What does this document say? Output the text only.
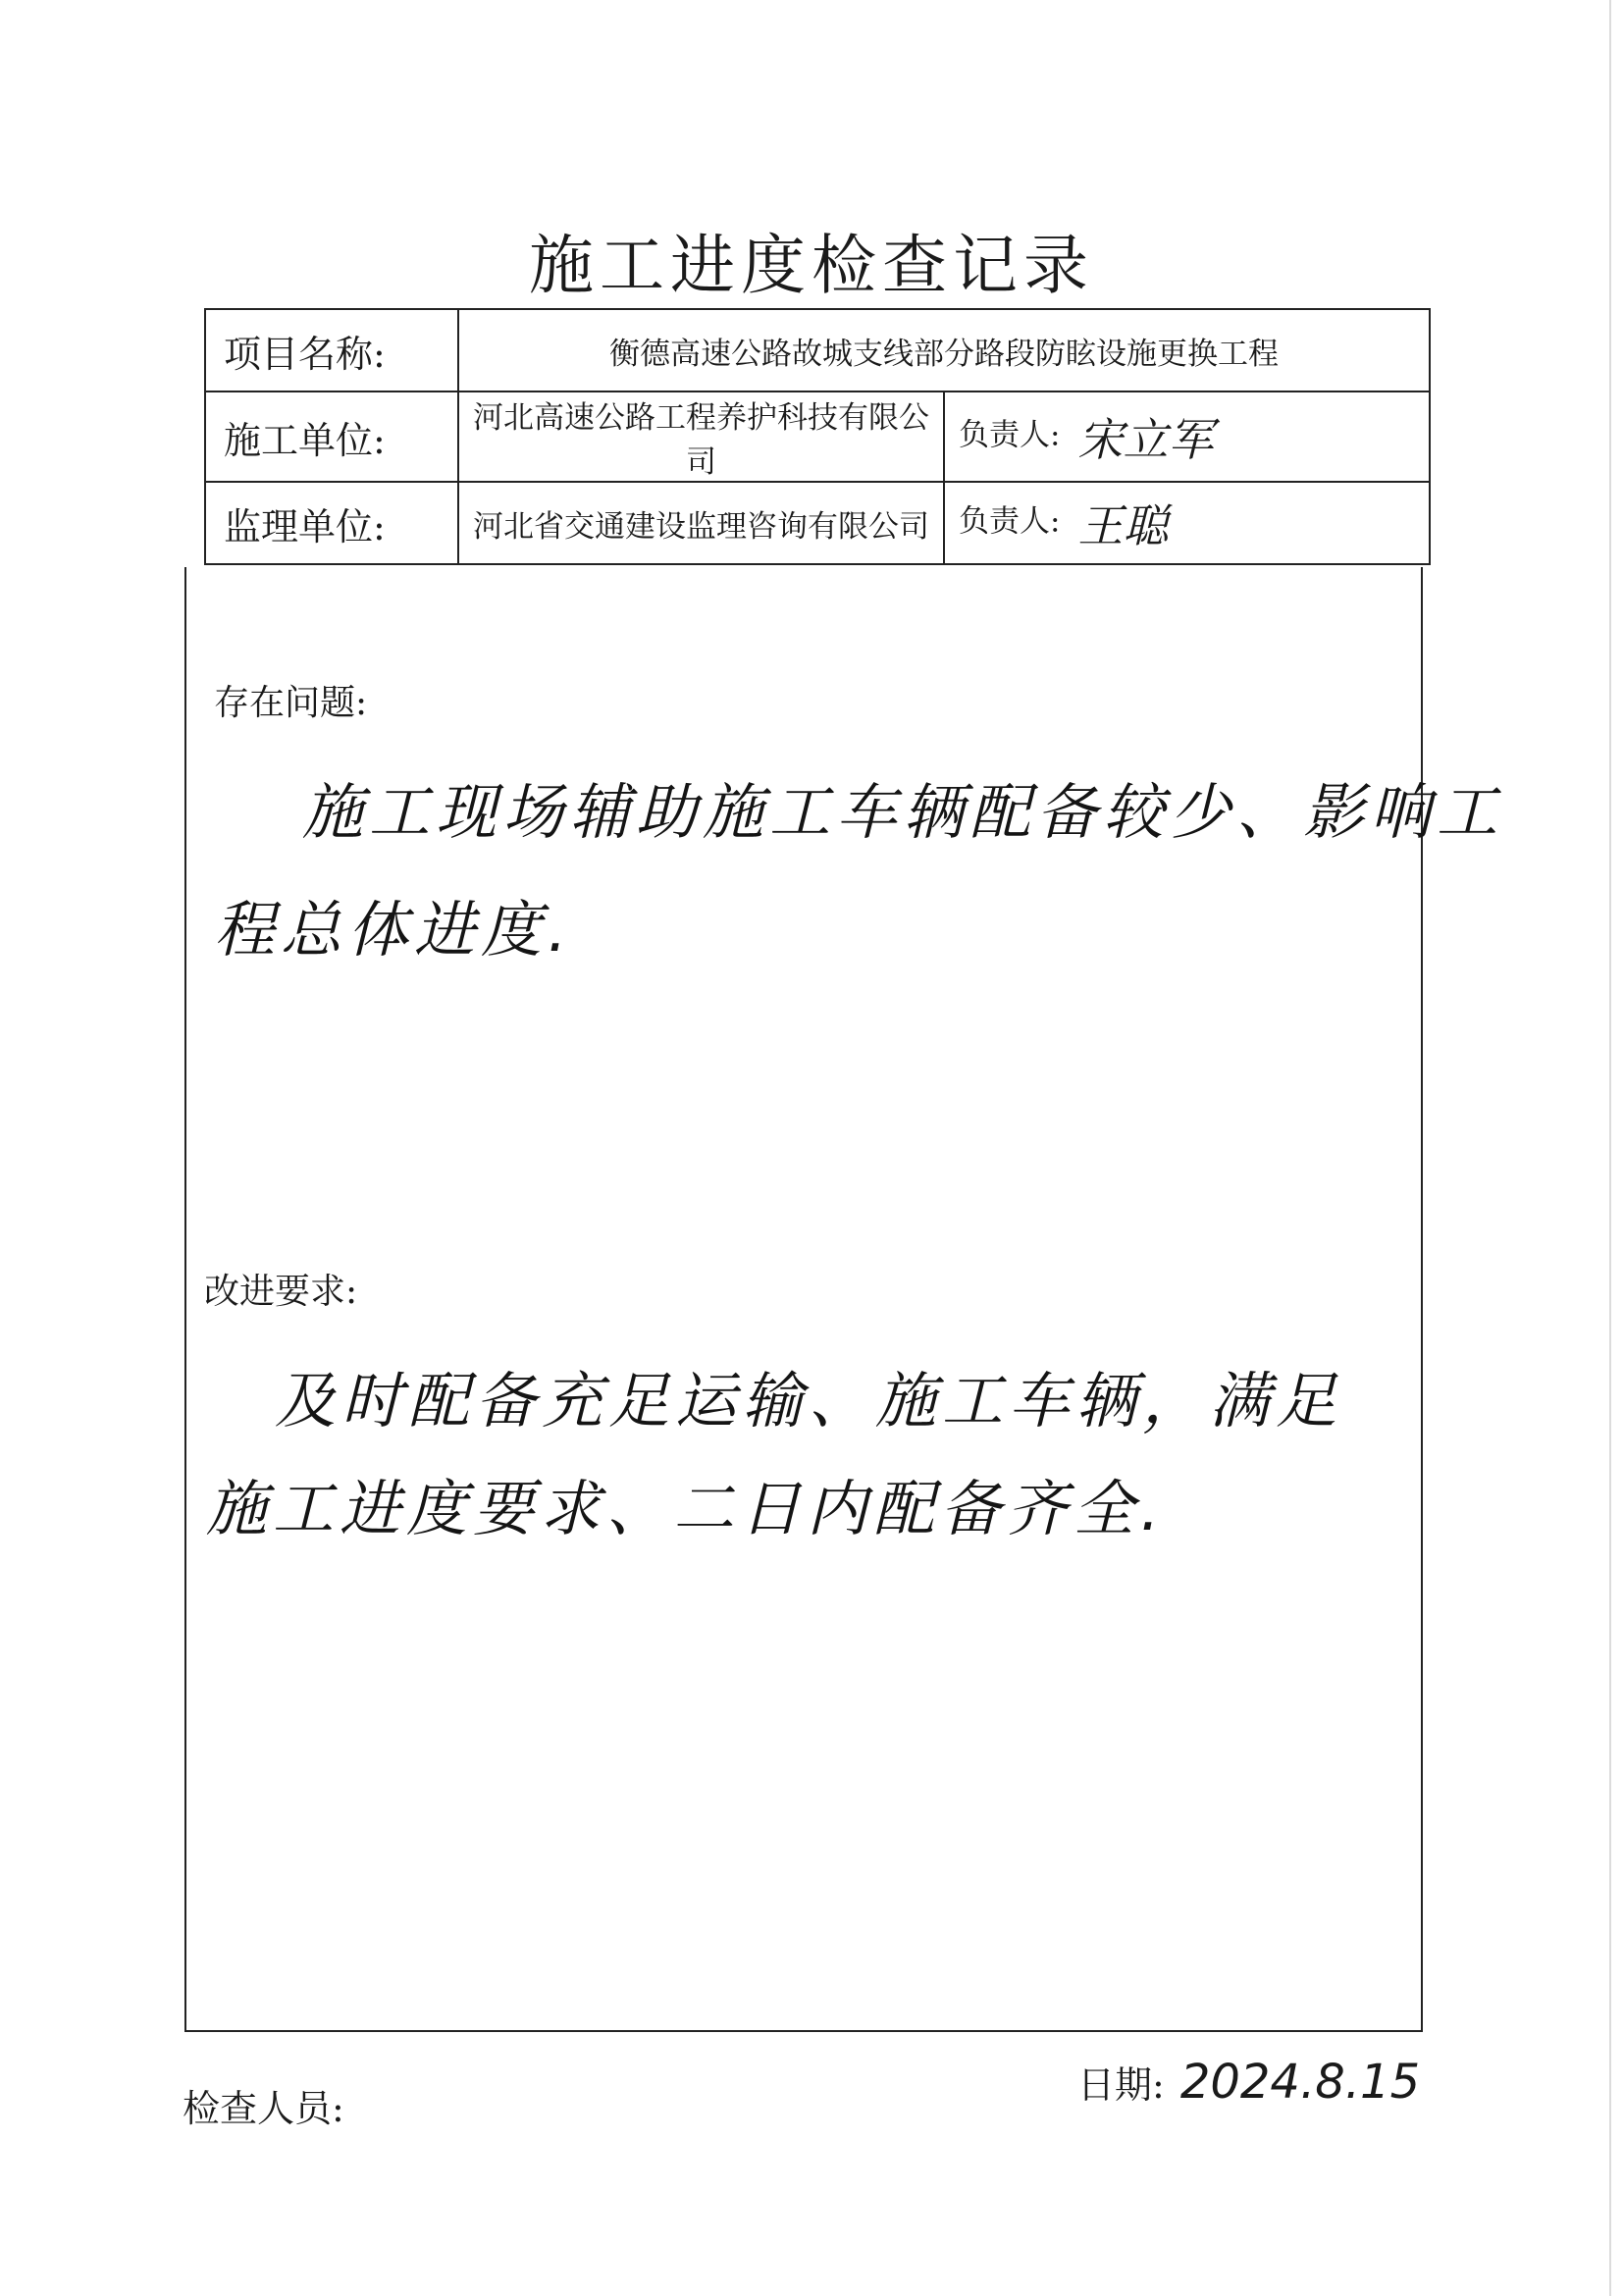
施工进度检查记录
项目名称:	衡德高速公路故城支线部分路段防眩设施更换工程	
施工单位:	河北高速公路工程养护科技有限公司	负责人: 宋立军
监理单位:	河北省交通建设监理咨询有限公司	负责人: 王聪
存在问题:
施工现场辅助施工车辆配备较少、影响工
程总体进度.
改进要求:
及时配备充足运输、施工车辆，满足
施工进度要求、二日内配备齐全.
检查人员:
日期: 2024.8.15
